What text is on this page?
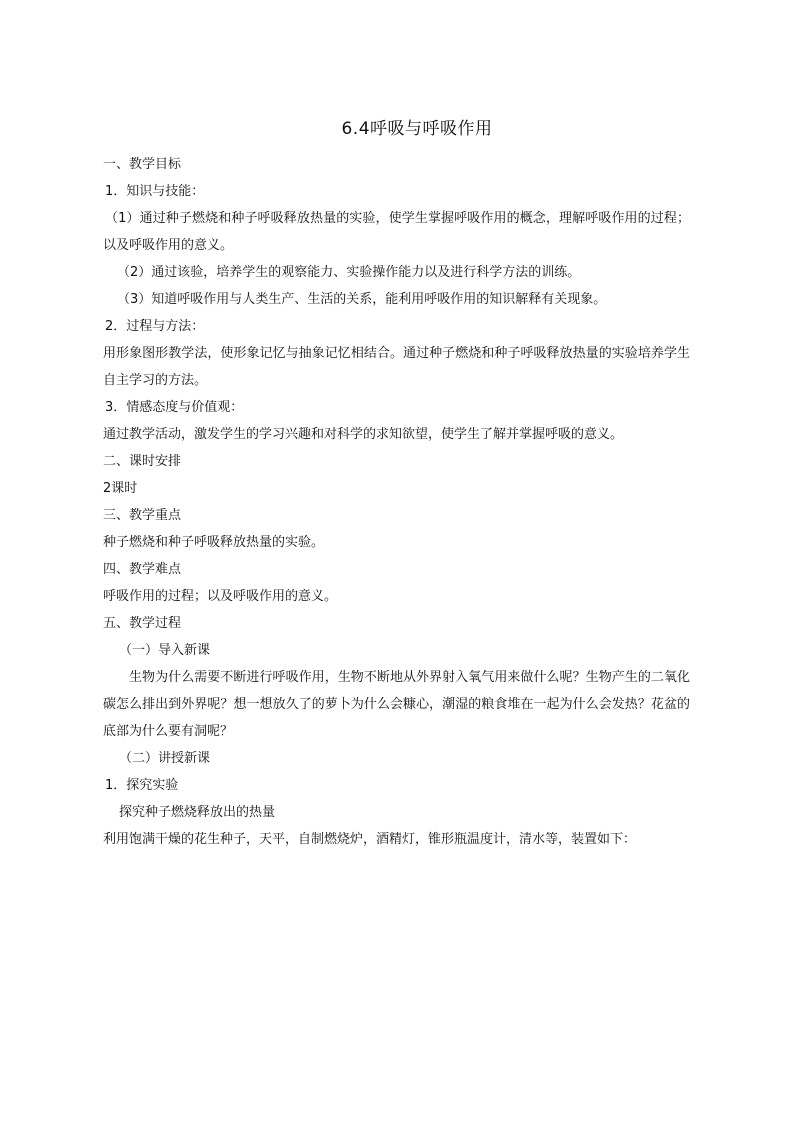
6.4呼吸与呼吸作用

一、教学目标

1．知识与技能：

（1）通过种子燃烧和种子呼吸释放热量的实验，使学生掌握呼吸作用的概念，理解呼吸作用的过程；以及呼吸作用的意义。

（2）通过该验，培养学生的观察能力、实验操作能力以及进行科学方法的训练。

（3）知道呼吸作用与人类生产、生活的关系，能利用呼吸作用的知识解释有关现象。

2．过程与方法：

用形象图形教学法，使形象记忆与抽象记忆相结合。通过种子燃烧和种子呼吸释放热量的实验培养学生自主学习的方法。

3．情感态度与价值观：

通过教学活动，激发学生的学习兴趣和对科学的求知欲望，使学生了解并掌握呼吸的意义。

二、课时安排

2课时

三、教学重点

种子燃烧和种子呼吸释放热量的实验。

四、教学难点

呼吸作用的过程；以及呼吸作用的意义。

五、教学过程

（一）导入新课

生物为什么需要不断进行呼吸作用，生物不断地从外界射入氧气用来做什么呢？生物产生的二氧化碳怎么排出到外界呢？想一想放久了的萝卜为什么会糠心，潮湿的粮食堆在一起为什么会发热？花盆的底部为什么要有洞呢？

（二）讲授新课

1．探究实验

探究种子燃烧释放出的热量

利用饱满干燥的花生种子，天平，自制燃烧炉，酒精灯，锥形瓶温度计，清水等，装置如下：
